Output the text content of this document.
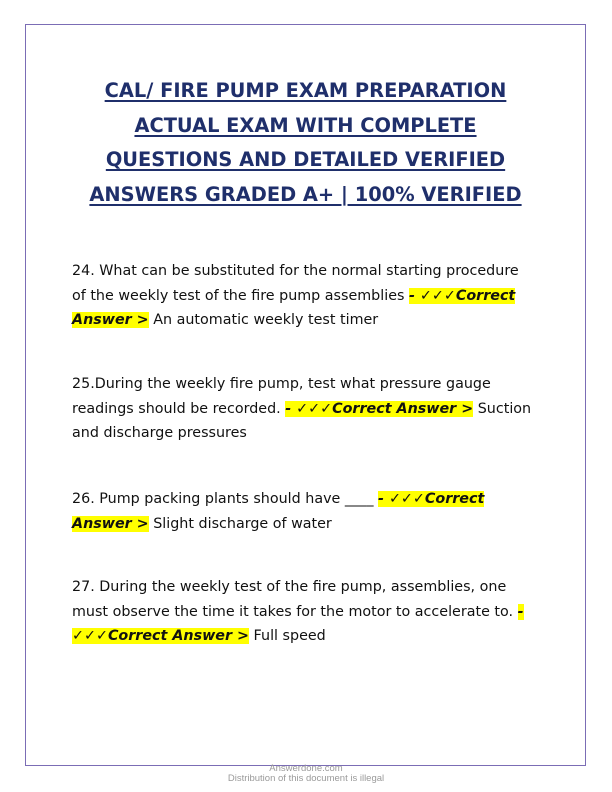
CAL/ FIRE PUMP EXAM PREPARATION
ACTUAL EXAM WITH COMPLETE
QUESTIONS AND DETAILED VERIFIED
ANSWERS GRADED A+ | 100% VERIFIED
24. What can be substituted for the normal starting procedure
of the weekly test of the fire pump assemblies - ✓✓✓Correct
Answer > An automatic weekly test timer
25.During the weekly fire pump, test what pressure gauge
readings should be recorded. - ✓✓✓Correct Answer > Suction
and discharge pressures
26. Pump packing plants should have ____ - ✓✓✓Correct
Answer > Slight discharge of water
27. During the weekly test of the fire pump, assemblies, one
must observe the time it takes for the motor to accelerate to. -
✓✓✓Correct Answer > Full speed
Answerdone.com
Distribution of this document is illegal
